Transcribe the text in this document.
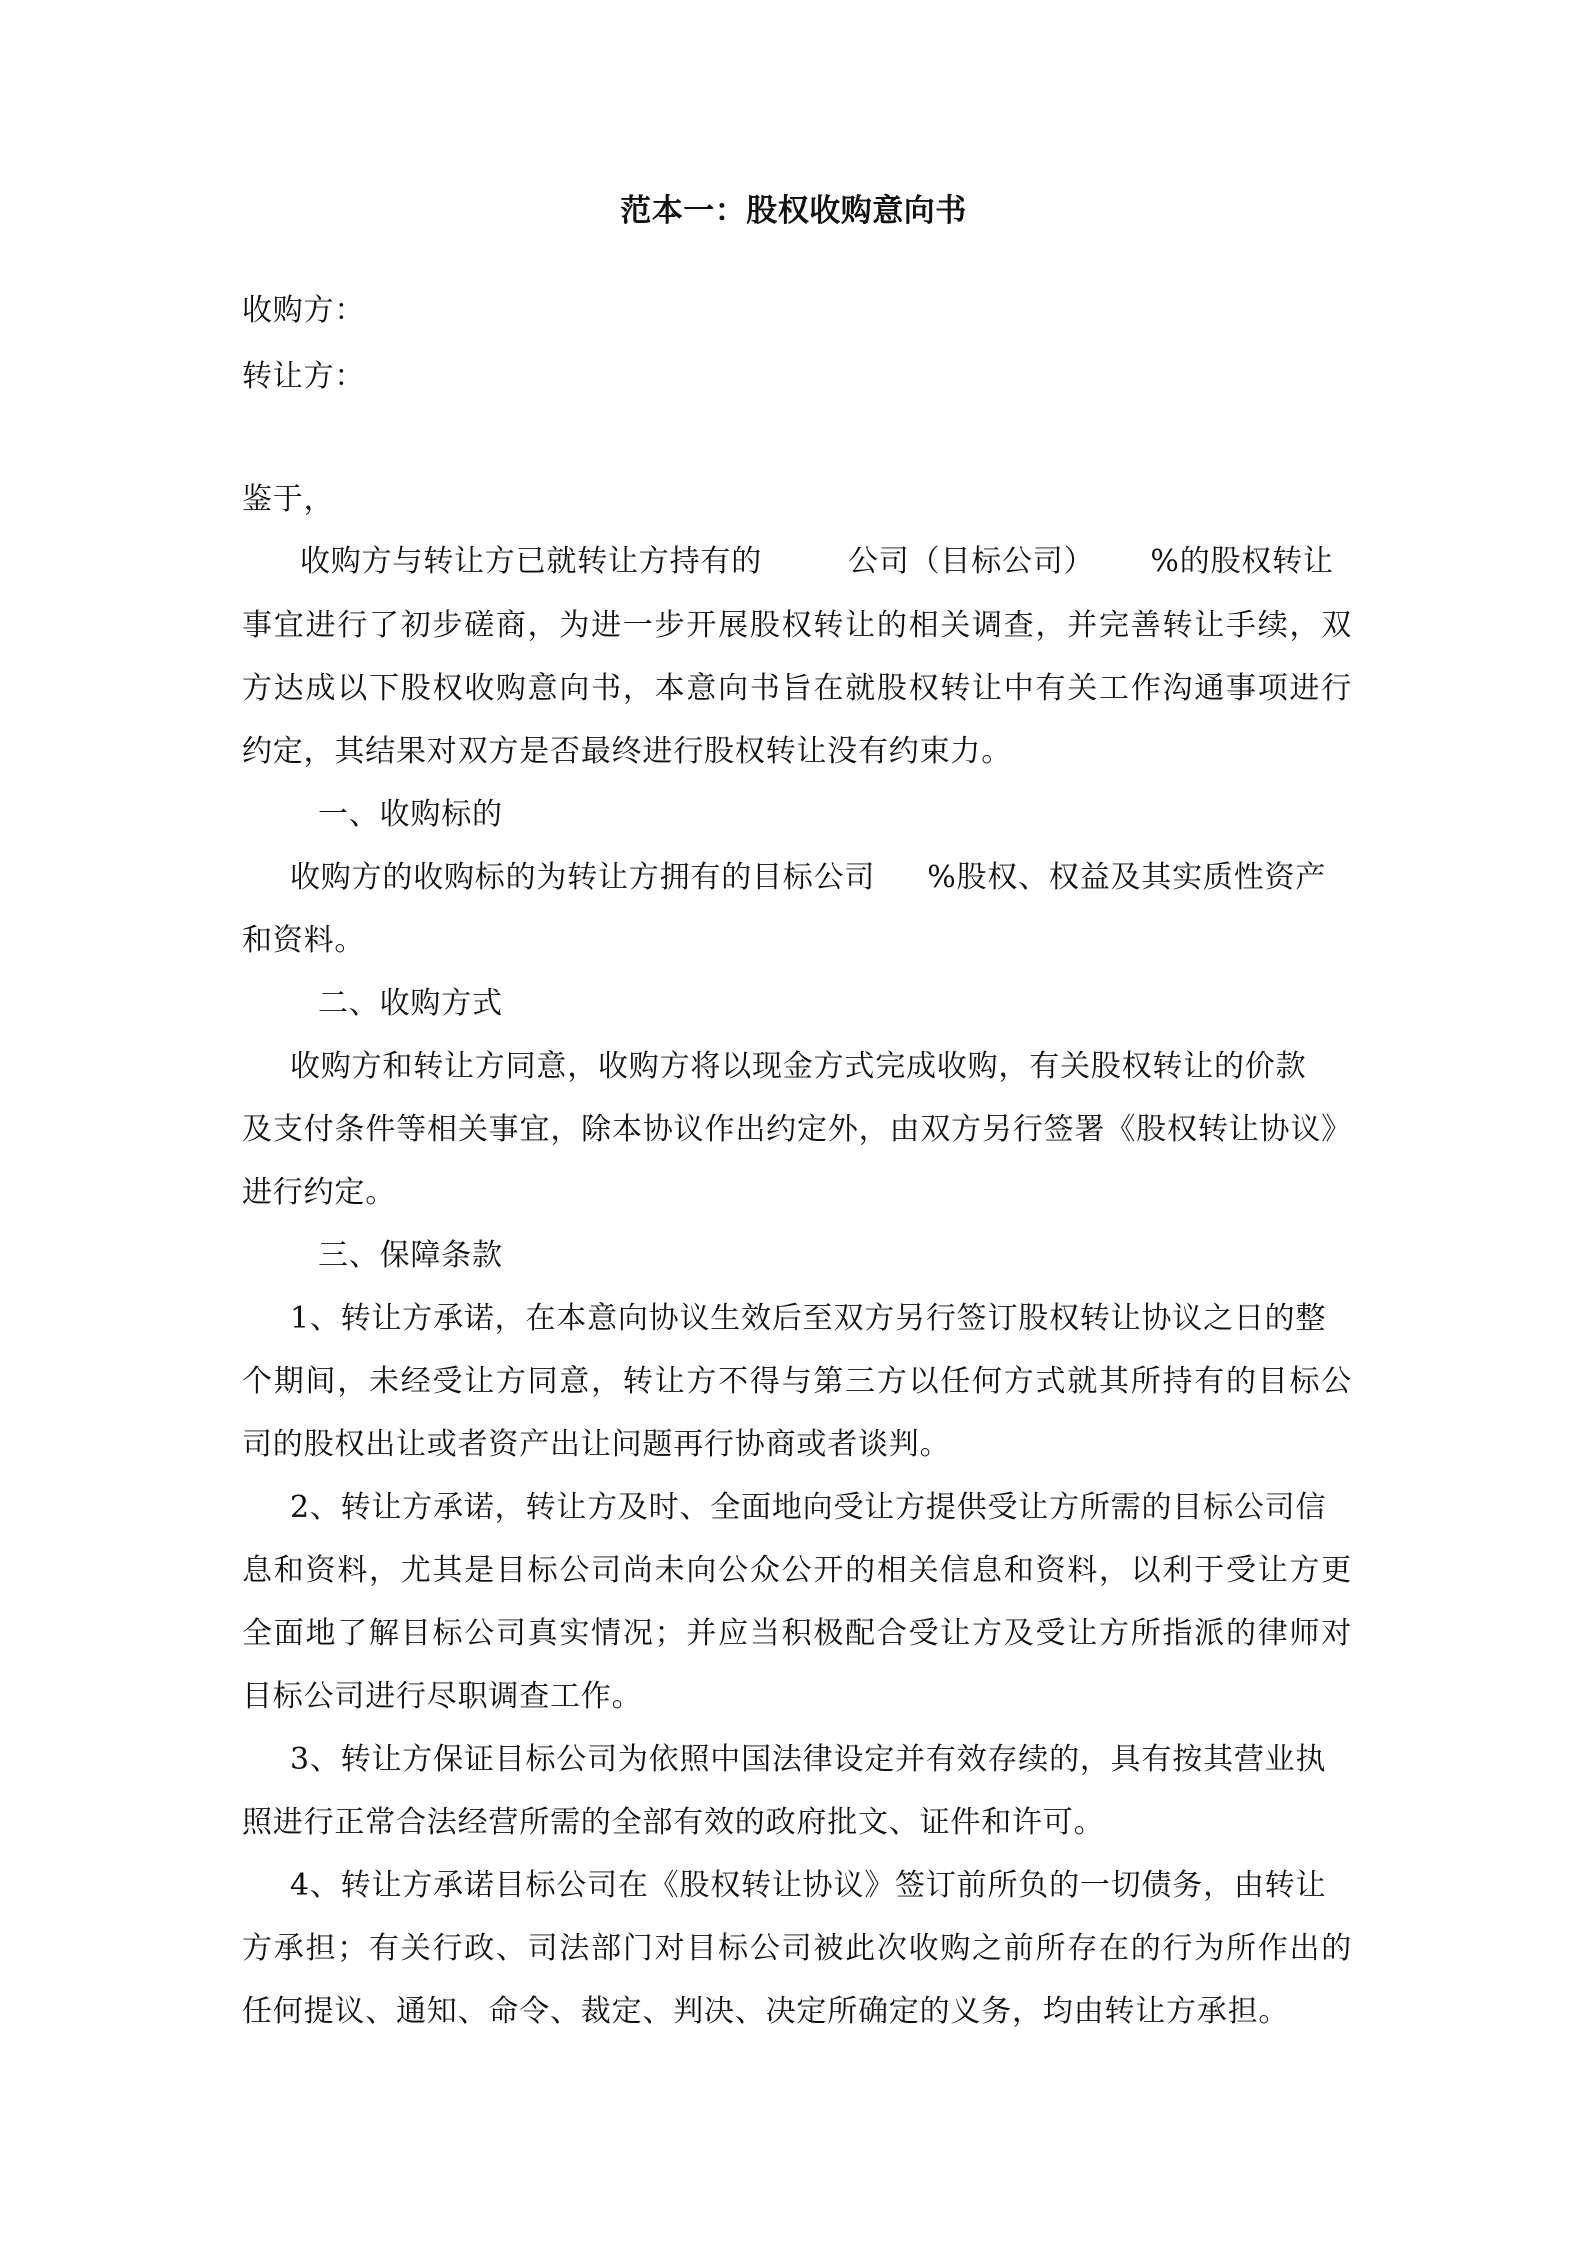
范本一：股权收购意向书
收购方：
转让方：
鉴于，
收购方与转让方已就转让方持有的	公司（目标公司） %的股权转让
事宜进行了初步磋商，为进一步开展股权转让的相关调查，并完善转让手续，双
方达成以下股权收购意向书，本意向书旨在就股权转让中有关工作沟通事项进行
约定，其结果对双方是否最终进行股权转让没有约束力。
一、收购标的
收购方的收购标的为转让方拥有的目标公司 %股权、权益及其实质性资产
和资料。
二、收购方式
收购方和转让方同意，收购方将以现金方式完成收购，有关股权转让的价款
及支付条件等相关事宜，除本协议作出约定外，由双方另行签署《股权转让协议》
进行约定。
三、保障条款
1、转让方承诺，在本意向协议生效后至双方另行签订股权转让协议之日的整
个期间，未经受让方同意，转让方不得与第三方以任何方式就其所持有的目标公
司的股权出让或者资产出让问题再行协商或者谈判。
2、转让方承诺，转让方及时、全面地向受让方提供受让方所需的目标公司信
息和资料，尤其是目标公司尚未向公众公开的相关信息和资料，以利于受让方更
全面地了解目标公司真实情况；并应当积极配合受让方及受让方所指派的律师对
目标公司进行尽职调查工作。
3、转让方保证目标公司为依照中国法律设定并有效存续的，具有按其营业执
照进行正常合法经营所需的全部有效的政府批文、证件和许可。
4、转让方承诺目标公司在《股权转让协议》签订前所负的一切债务，由转让
方承担；有关行政、司法部门对目标公司被此次收购之前所存在的行为所作出的
任何提议、通知、命令、裁定、判决、决定所确定的义务，均由转让方承担。
